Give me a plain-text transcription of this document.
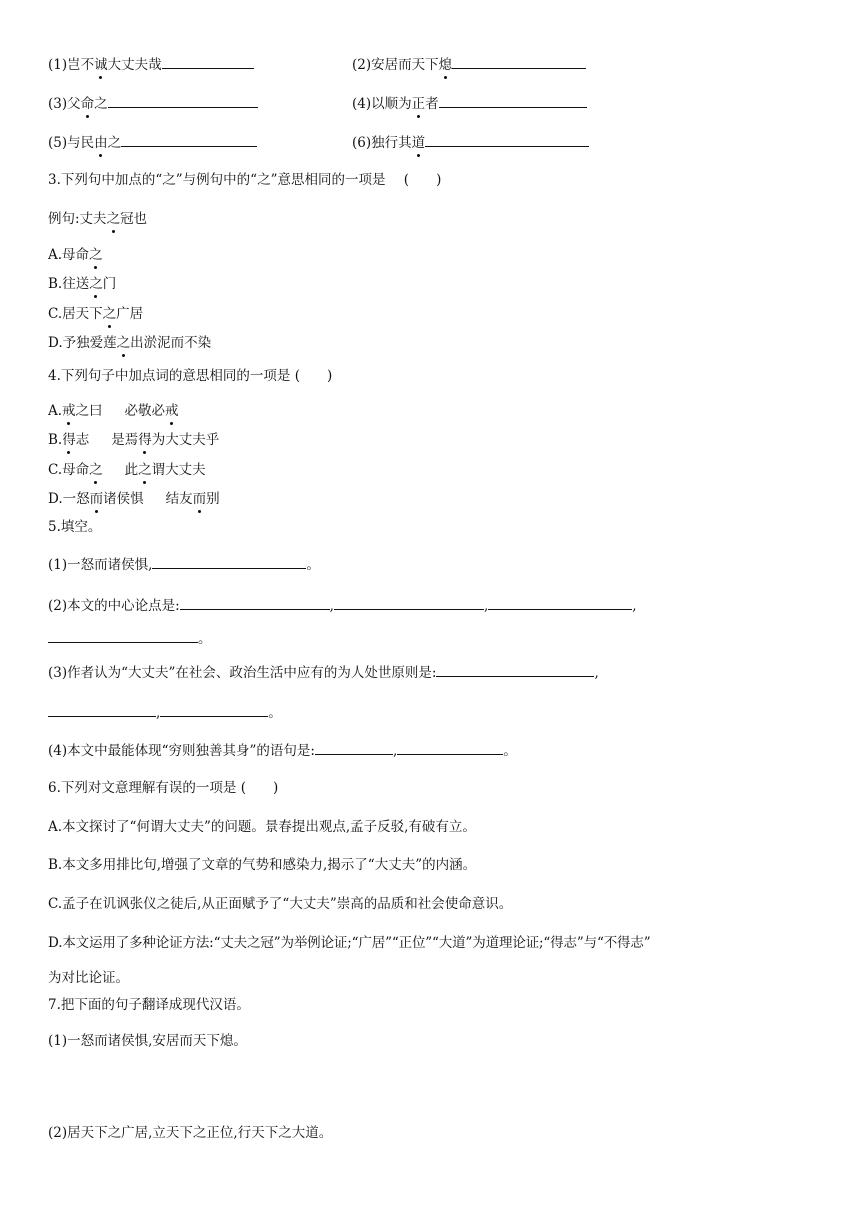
(1)岂不诚大丈夫哉	(2)安居而天下熄
(3)父命之	(4)以顺为正者
(5)与民由之	(6)独行其道
3.下列句中加点的“之”与例句中的“之”意思相同的一项是 (　　)
例句:丈夫之冠也
A.母命之
B.往送之门
C.居天下之广居
D.予独爱莲之出淤泥而不染
4.下列句子中加点词的意思相同的一项是 (　　)
A.戒之曰 必敬必戒
B.得志 是焉得为大丈夫乎
C.母命之 此之谓大丈夫
D.一怒而诸侯惧 结友而别
5.填空。
(1)一怒而诸侯惧,	。
(2)本文的中心论点是:	,	,	,
。
(3)作者认为“大丈夫”在社会、政治生活中应有的为人处世原则是:	,
,	。
(4)本文中最能体现“穷则独善其身”的语句是:	,	。
6.下列对文意理解有误的一项是 (　　)
A.本文探讨了“何谓大丈夫”的问题。景春提出观点,孟子反驳,有破有立。
B.本文多用排比句,增强了文章的气势和感染力,揭示了“大丈夫”的内涵。
C.孟子在讥讽张仪之徒后,从正面赋予了“大丈夫”崇高的品质和社会使命意识。
D.本文运用了多种论证方法:“丈夫之冠”为举例论证;“广居”“正位”“大道”为道理论证;“得志”与“不得志”
为对比论证。
7.把下面的句子翻译成现代汉语。
(1)一怒而诸侯惧,安居而天下熄。
(2)居天下之广居,立天下之正位,行天下之大道。
